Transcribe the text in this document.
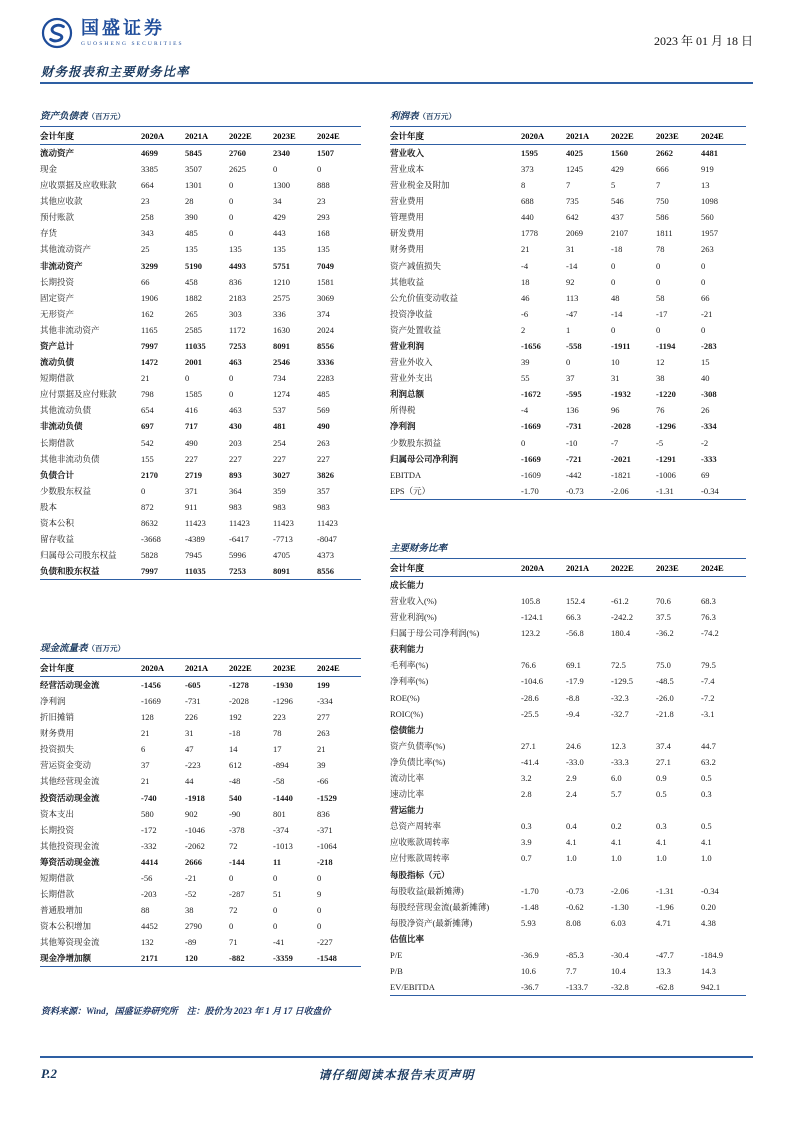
国盛证券
GUOSHENG SECURITIES	2023 年 01 月 18 日
财务报表和主要财务比率
资产负债表（百万元）
会计年度	2020A	2021A	2022E	2023E	2024E
流动资产	4699	5845	2760	2340	1507
现金	3385	3507	2625	0	0
应收票据及应收账款	664	1301	0	1300	888
其他应收款	23	28	0	34	23
预付账款	258	390	0	429	293
存货	343	485	0	443	168
其他流动资产	25	135	135	135	135
非流动资产	3299	5190	4493	5751	7049
长期投资	66	458	836	1210	1581
固定资产	1906	1882	2183	2575	3069
无形资产	162	265	303	336	374
其他非流动资产	1165	2585	1172	1630	2024
资产总计	7997	11035	7253	8091	8556
流动负债	1472	2001	463	2546	3336
短期借款	21	0	0	734	2283
应付票据及应付账款	798	1585	0	1274	485
其他流动负债	654	416	463	537	569
非流动负债	697	717	430	481	490
长期借款	542	490	203	254	263
其他非流动负债	155	227	227	227	227
负债合计	2170	2719	893	3027	3826
少数股东权益	0	371	364	359	357
股本	872	911	983	983	983
资本公积	8632	11423	11423	11423	11423
留存收益	-3668	-4389	-6417	-7713	-8047
归属母公司股东权益	5828	7945	5996	4705	4373
负债和股东权益	7997	11035	7253	8091	8556
利润表（百万元）
会计年度	2020A	2021A	2022E	2023E	2024E
营业收入	1595	4025	1560	2662	4481
营业成本	373	1245	429	666	919
营业税金及附加	8	7	5	7	13
营业费用	688	735	546	750	1098
管理费用	440	642	437	586	560
研发费用	1778	2069	2107	1811	1957
财务费用	21	31	-18	78	263
资产减值损失	-4	-14	0	0	0
其他收益	18	92	0	0	0
公允价值变动收益	46	113	48	58	66
投资净收益	-6	-47	-14	-17	-21
资产处置收益	2	1	0	0	0
营业利润	-1656	-558	-1911	-1194	-283
营业外收入	39	0	10	12	15
营业外支出	55	37	31	38	40
利润总额	-1672	-595	-1932	-1220	-308
所得税	-4	136	96	76	26
净利润	-1669	-731	-2028	-1296	-334
少数股东损益	0	-10	-7	-5	-2
归属母公司净利润	-1669	-721	-2021	-1291	-333
EBITDA	-1609	-442	-1821	-1006	69
EPS（元）	-1.70	-0.73	-2.06	-1.31	-0.34
主要财务比率
会计年度	2020A	2021A	2022E	2023E	2024E
成长能力					
营业收入(%)	105.8	152.4	-61.2	70.6	68.3
营业利润(%)	-124.1	66.3	-242.2	37.5	76.3
归属于母公司净利润(%)	123.2	-56.8	180.4	-36.2	-74.2
获利能力					
毛利率(%)	76.6	69.1	72.5	75.0	79.5
净利率(%)	-104.6	-17.9	-129.5	-48.5	-7.4
ROE(%)	-28.6	-8.8	-32.3	-26.0	-7.2
ROIC(%)	-25.5	-9.4	-32.7	-21.8	-3.1
偿债能力					
资产负债率(%)	27.1	24.6	12.3	37.4	44.7
净负债比率(%)	-41.4	-33.0	-33.3	27.1	63.2
流动比率	3.2	2.9	6.0	0.9	0.5
速动比率	2.8	2.4	5.7	0.5	0.3
营运能力					
总资产周转率	0.3	0.4	0.2	0.3	0.5
应收账款周转率	3.9	4.1	4.1	4.1	4.1
应付账款周转率	0.7	1.0	1.0	1.0	1.0
每股指标（元）					
每股收益(最新摊薄)	-1.70	-0.73	-2.06	-1.31	-0.34
每股经营现金流(最新摊薄)	-1.48	-0.62	-1.30	-1.96	0.20
每股净资产(最新摊薄)	5.93	8.08	6.03	4.71	4.38
估值比率					
P/E	-36.9	-85.3	-30.4	-47.7	-184.9
P/B	10.6	7.7	10.4	13.3	14.3
EV/EBITDA	-36.7	-133.7	-32.8	-62.8	942.1
现金流量表（百万元）
会计年度	2020A	2021A	2022E	2023E	2024E
经营活动现金流	-1456	-605	-1278	-1930	199
净利润	-1669	-731	-2028	-1296	-334
折旧摊销	128	226	192	223	277
财务费用	21	31	-18	78	263
投资损失	6	47	14	17	21
营运资金变动	37	-223	612	-894	39
其他经营现金流	21	44	-48	-58	-66
投资活动现金流	-740	-1918	540	-1440	-1529
资本支出	580	902	-90	801	836
长期投资	-172	-1046	-378	-374	-371
其他投资现金流	-332	-2062	72	-1013	-1064
筹资活动现金流	4414	2666	-144	11	-218
短期借款	-56	-21	0	0	0
长期借款	-203	-52	-287	51	9
普通股增加	88	38	72	0	0
资本公积增加	4452	2790	0	0	0
其他筹资现金流	132	-89	71	-41	-227
现金净增加额	2171	120	-882	-3359	-1548
资料来源：Wind，国盛证券研究所　注：股价为 2023 年 1 月 17 日收盘价
P.2	请仔细阅读本报告末页声明
